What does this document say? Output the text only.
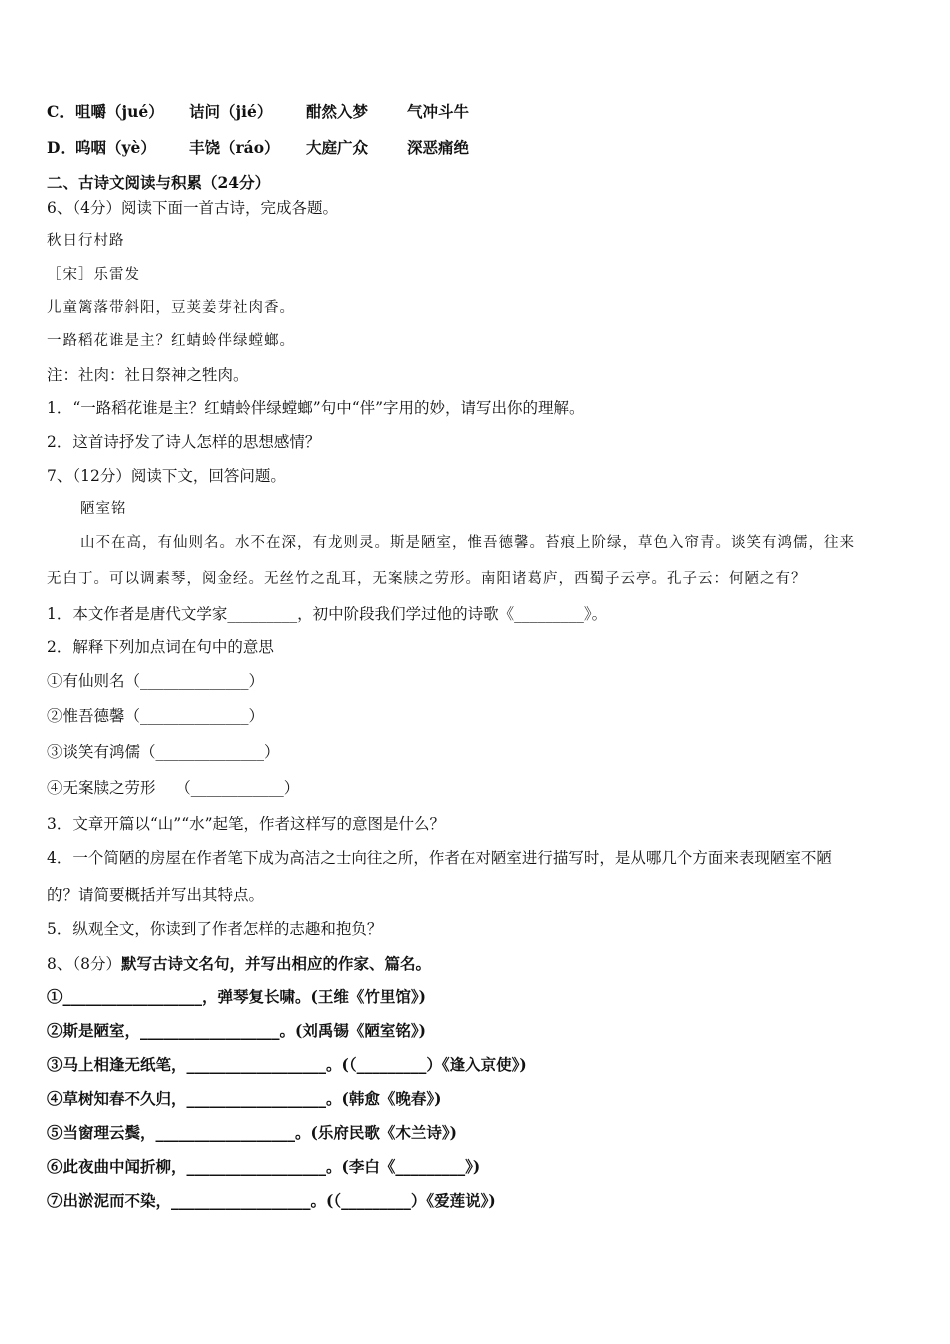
C． 咀嚼（jué） 诘问（jié） 酣然入梦	气冲斗牛
D． 呜咽（yè） 丰饶（ráo） 大庭广众	深恶痛绝
二、古诗文阅读与积累（24分）
6、（4分）阅读下面一首古诗，完成各题。
秋日行村路
［宋］乐雷发
儿童篱落带斜阳，豆荚姜芽社肉香。
一路稻花谁是主？红蜻蛉伴绿螳螂。
注：社肉：社日祭神之牲肉。
1．“一路稻花谁是主？红蜻蛉伴绿螳螂”句中“伴”字用的妙，请写出你的理解。
2．这首诗抒发了诗人怎样的思想感情？
7、（12分）阅读下文，回答问题。
陋室铭
山不在高，有仙则名。水不在深，有龙则灵。斯是陋室，惟吾德馨。苔痕上阶绿，草色入帘青。谈笑有鸿儒，往来
无白丁。可以调素琴，阅金经。无丝竹之乱耳，无案牍之劳形。南阳诸葛庐，西蜀子云亭。孔子云：何陋之有？
1．本文作者是唐代文学家_________，初中阶段我们学过他的诗歌《_________》。
2．解释下列加点词在句中的意思
①有仙则名（______________）
②惟吾德馨（______________）
③谈笑有鸿儒（______________）
④无案牍之劳形    （____________）
3．文章开篇以“山”“水”起笔，作者这样写的意图是什么？
4．一个简陋的房屋在作者笔下成为高洁之士向往之所，作者在对陋室进行描写时，是从哪几个方面来表现陋室不陋
的？请简要概括并写出其特点。
5．纵观全文，你读到了作者怎样的志趣和抱负？
8、（8分）默写古诗文名句，并写出相应的作家、篇名。
①__________________，弹琴复长啸。(王维《竹里馆》)
②斯是陋室，__________________。(刘禹锡《陋室铭》)
③马上相逢无纸笔，__________________。(（_________）《逢入京使》)
④草树知春不久归，__________________。(韩愈《晚春》)
⑤当窗理云鬓，__________________。(乐府民歌《木兰诗》)
⑥此夜曲中闻折柳，__________________。(李白《_________》)
⑦出淤泥而不染，__________________。(（_________）《爱莲说》)
